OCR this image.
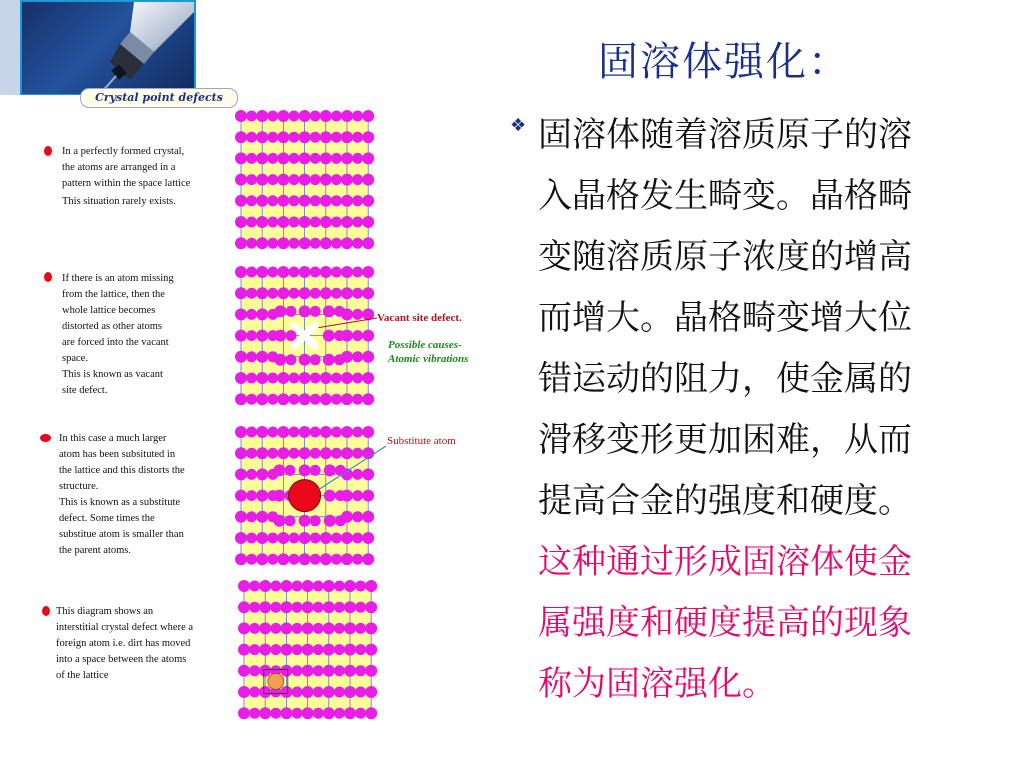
固溶体强化：
Crystal point defects
In a perfectly formed crystal,
the atoms are arranged in a
pattern within the space lattice
This situation rarely exists.
If there is an atom missing
from the lattice, then the
whole lattice becomes
distorted as other atoms
are forced into the vacant
space.
This is known as vacant
site defect.
Vacant site defect.
Possible causes-
Atomic vibrations
In this case a much larger
atom has been subsituted in
the lattice and this distorts the
structure.
This is known as a substitute
defect. Some times the
substitue atom is smaller than
the parent atoms.
Substitute atom
This diagram shows an
interstitial crystal defect where a
foreign atom i.e. dirt has moved
into a space between the atoms
of the lattice
❖ 固溶体随着溶质原子的溶
入晶格发生畸变。晶格畸
变随溶质原子浓度的增高
而增大。晶格畸变增大位
错运动的阻力，使金属的
滑移变形更加困难，从而
提高合金的强度和硬度。
这种通过形成固溶体使金
属强度和硬度提高的现象
称为固溶强化。
